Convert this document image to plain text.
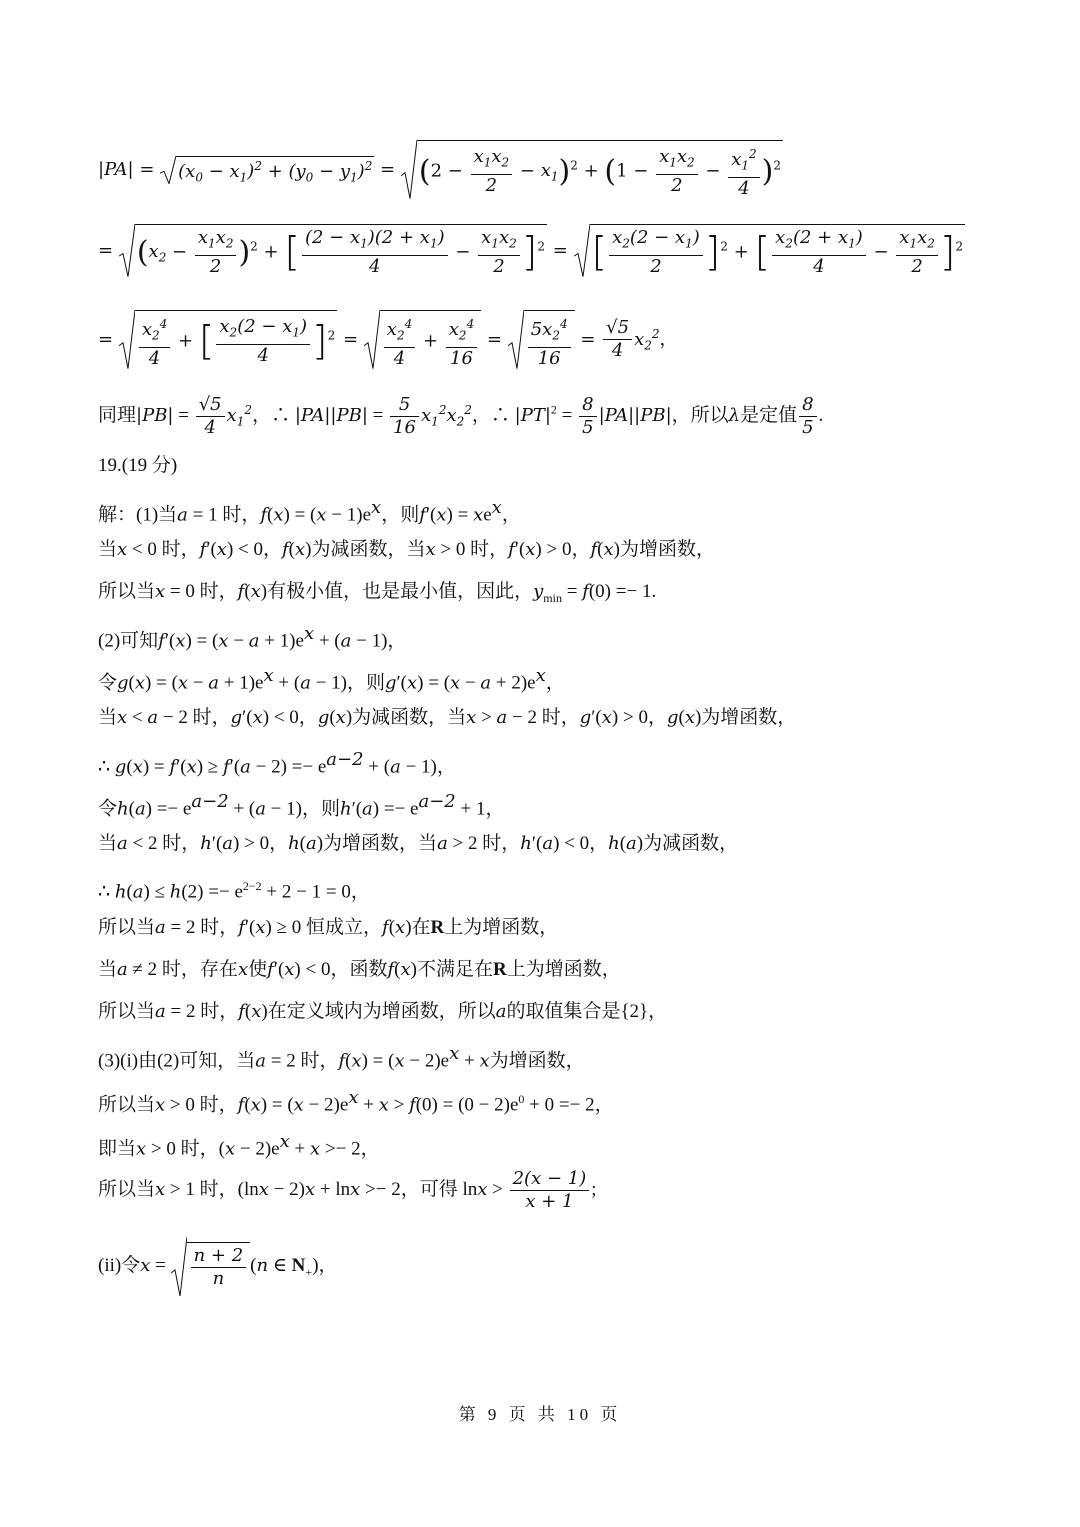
|PA| =
$(x_0 - x_1)^2 + (y_0 - y_1)^2$ =
$(2 - \frac{x_1x_2}{2} - x_1)^2 + (1 - \frac{x_1x_2}{2} - \frac{x_1^2}{4} )^2$
=
$(x_2 - \frac{x_1x_2}{2} )^2$ + [ $\frac{(2 - x_1)(2 + x_1)}{4} - \frac{x_1x_2}{2} ]^2$ =
[ $\frac{x_2(2 - x_1)}{2} ]^2$ + [ $\frac{x_2(2 + x_1)}{4} - \frac{x_1x_2}{2} ]^2$
= $\frac{x_2^4}{4}$ + [ $\frac{x_2(2 - x_1)}{4} ]^2 = \frac{x_2^4}{4} + \frac{x_2^4}{16} = \frac{5x_2^4}{16} = \frac{√5}{4} x_2^2$，
同理$|PB| = \frac{√5}{4} x_1^2$，∴ $|PA||PB| = \frac{5}{16} x_1^2x_2^2$，∴ $|PT|^2 = \frac{8}{5} |PA||PB|$，所以λ是定值 $\frac{8}{5}$ .
19.(19 分)
解：(1)当a = 1 时，$f(x) = (x - 1)e^x$，则$f'(x) = xe^x$，
当x < 0 时，f′(x) < 0，f(x)为减函数，当x > 0 时，f′(x) > 0，f(x)为增函数，
所以当x = 0 时，f(x)有极小值，也是最小值，因此，$y_{min} = f(0) =- 1$.
(2)可知$f'(x) = (x - a + 1)e^x + (a - 1)$，
令$g(x) = (x - a + 1)e^x + (a - 1)$，则$g'(x) = (x - a + 2)e^x$，
当x < a − 2 时，g′(x) < 0，g(x)为减函数，当x > a − 2 时，g′(x) > 0，g(x)为增函数，
∴ $g(x) = f'(x) \ge f'(a - 2) =- e^{a-2} + (a - 1)$，
令$h(a) =- e^{a-2} + (a - 1)$，则$h'(a) =- e^{a-2} + 1$，
当a < 2 时，h′(a) > 0，h(a)为增函数，当a > 2 时，h′(a) < 0，h(a)为减函数，
∴ $h(a) \le h(2) =- e^{2-2} + 2 - 1 = 0$，
所以当a = 2 时，f′(x) ≥ 0 恒成立，f(x)在R上为增函数，
当a ≠ 2 时，存在x使f′(x) < 0，函数f(x)不满足在R上为增函数，
所以当a = 2 时，f(x)在定义域内为增函数，所以a的取值集合是{2}，
(3)(i)由(2)可知，当a = 2 时，$f(x) = (x - 2)e^x + x$为增函数，
所以当x > 0 时，$f(x) = (x - 2)e^x + x > f(0) = (0 - 2)e^0 + 0 =- 2$，
即当x > 0 时，$(x - 2)e^x + x >- 2$，
所以当x > 1 时，(lnx − 2)x + lnx >− 2，可得 $\ln x > \frac{2(x - 1)}{x + 1}$ ;
(ii)令$x = \frac{n + 2}{n} (n$ ∈ $N_+$)，
第 9 页 共 10 页
